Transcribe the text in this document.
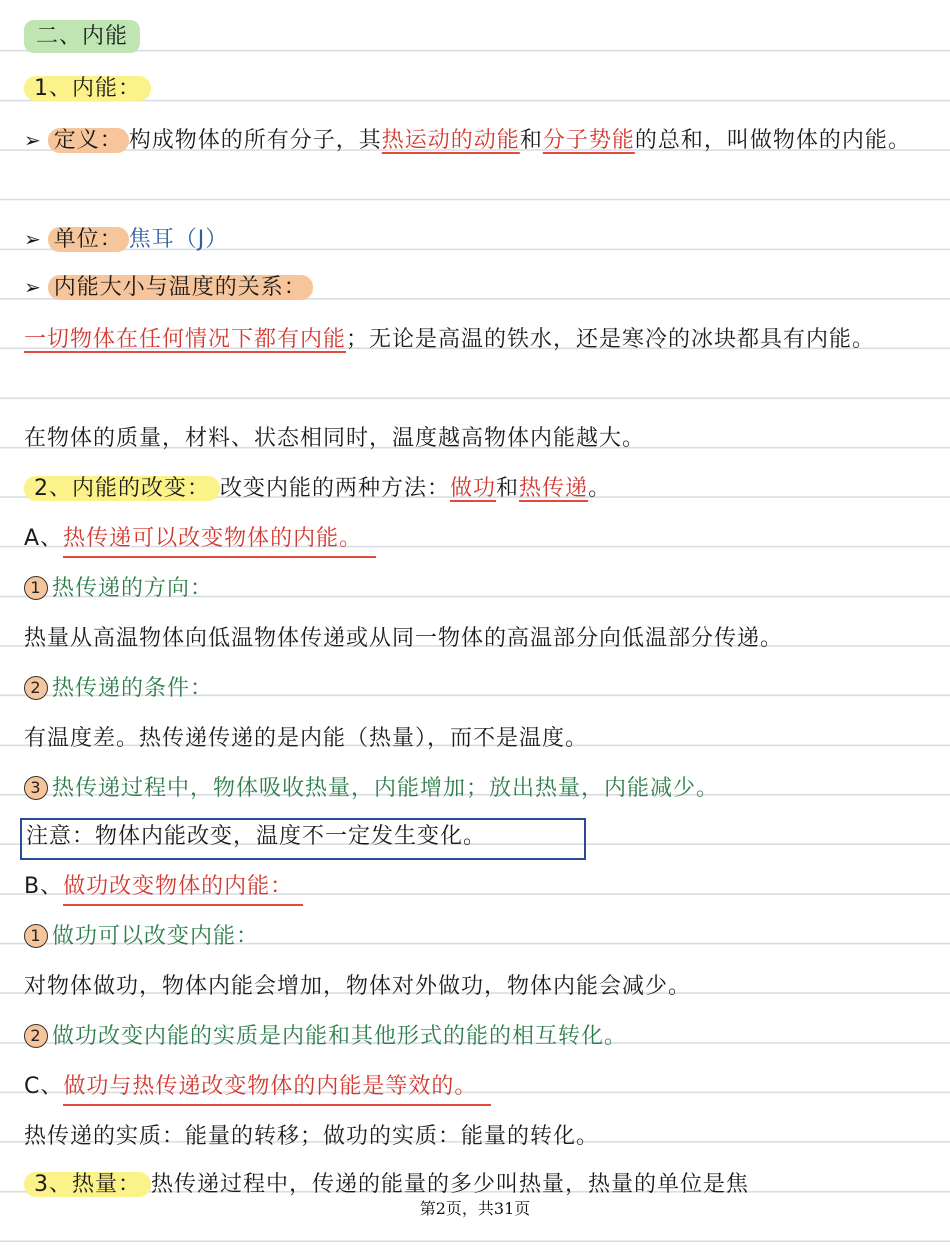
二、内能
1、内能：
➢ 定义： 构成物体的所有分子，其热运动的动能和分子势能的总和，叫做物体的内能。
➢ 单位： 焦耳（J）
➢ 内能大小与温度的关系：
一切物体在任何情况下都有内能；无论是高温的铁水，还是寒冷的冰块都具有内能。
在物体的质量，材料、状态相同时，温度越高物体内能越大。
2、内能的改变： 改变内能的两种方法：做功和热传递。
A、热传递可以改变物体的内能。
1 热传递的方向：
热量从高温物体向低温物体传递或从同一物体的高温部分向低温部分传递。
2 热传递的条件：
有温度差。热传递传递的是内能（热量），而不是温度。
3 热传递过程中，物体吸收热量，内能增加；放出热量，内能减少。
注意：物体内能改变，温度不一定发生变化。
B、做功改变物体的内能：
1 做功可以改变内能：
对物体做功，物体内能会增加，物体对外做功，物体内能会减少。
2 做功改变内能的实质是内能和其他形式的能的相互转化。
C、做功与热传递改变物体的内能是等效的。
热传递的实质：能量的转移；做功的实质：能量的转化。
3、热量： 热传递过程中，传递的能量的多少叫热量，热量的单位是焦
第2页，共31页
